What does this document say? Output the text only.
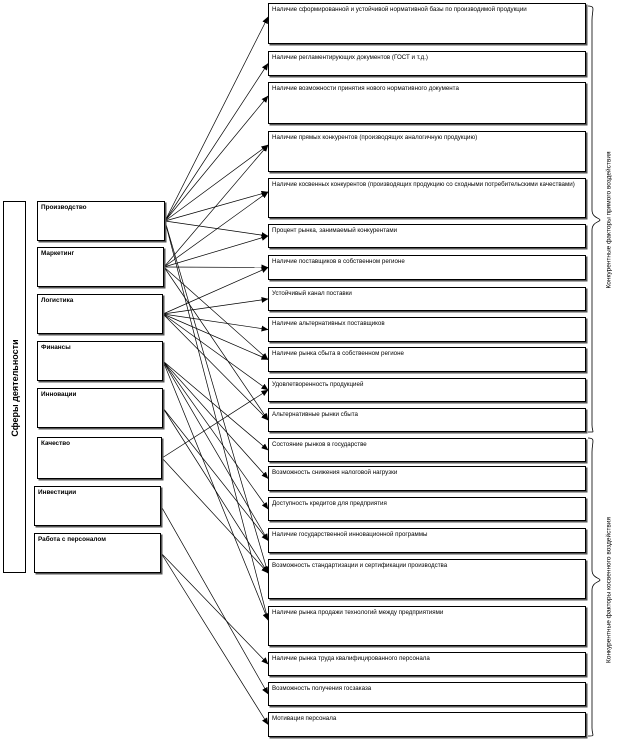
Сферы деятельности
Производство
Маркетинг
Логистика
Финансы
Инновации
Качество
Инвестиции
Работа с персоналом
Наличие сформированной и устойчивой нормативной базы по производимой продукции
Наличие регламентирующих документов (ГОСТ и т.д.)
Наличие возможности принятия нового нормативного документа
Наличие прямых конкурентов (производящих аналогичную продукцию)
Наличие косвенных конкурентов (производящих продукцию со сходными потребительскими качествами)
Процент рынка, занимаемый конкурентами
Наличие поставщиков в собственном регионе
Устойчивый канал поставки
Наличие альтернативных поставщиков
Наличие рынка сбыта в собственном регионе
Удовлетворенность продукцией
Альтернативные рынки сбыта
Состояние рынков в государстве
Возможность снижения налоговой нагрузки
Доступность кредитов для предприятия
Наличие государственной инновационной программы
Возможность стандартизации и сертификации производства
Наличие рынка продажи технологий между предприятиями
Наличие рынка труда квалифицированного персонала
Возможность получения госзаказа
Мотивация персонала
Конкурентные факторы прямого воздействия
Конкурентные факторы косвенного воздействия
